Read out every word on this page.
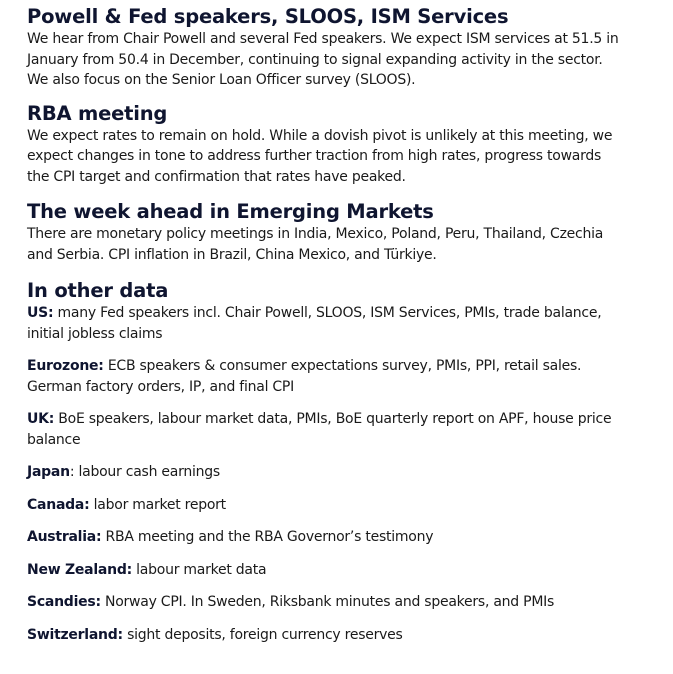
Powell & Fed speakers, SLOOS, ISM Services

We hear from Chair Powell and several Fed speakers. We expect ISM services at 51.5 in January from 50.4 in December, continuing to signal expanding activity in the sector. We also focus on the Senior Loan Officer survey (SLOOS).

RBA meeting

We expect rates to remain on hold. While a dovish pivot is unlikely at this meeting, we expect changes in tone to address further traction from high rates, progress towards the CPI target and confirmation that rates have peaked.

The week ahead in Emerging Markets

There are monetary policy meetings in India, Mexico, Poland, Peru, Thailand, Czechia and Serbia. CPI inflation in Brazil, China Mexico, and Türkiye.

In other data
US: many Fed speakers incl. Chair Powell, SLOOS, ISM Services, PMIs, trade balance, initial jobless claims
Eurozone: ECB speakers & consumer expectations survey, PMIs, PPI, retail sales. German factory orders, IP, and final CPI
UK: BoE speakers, labour market data, PMIs, BoE quarterly report on APF, house price balance
Japan: labour cash earnings
Canada: labor market report
Australia: RBA meeting and the RBA Governor’s testimony
New Zealand: labour market data
Scandies: Norway CPI. In Sweden, Riksbank minutes and speakers, and PMIs
Switzerland: sight deposits, foreign currency reserves
